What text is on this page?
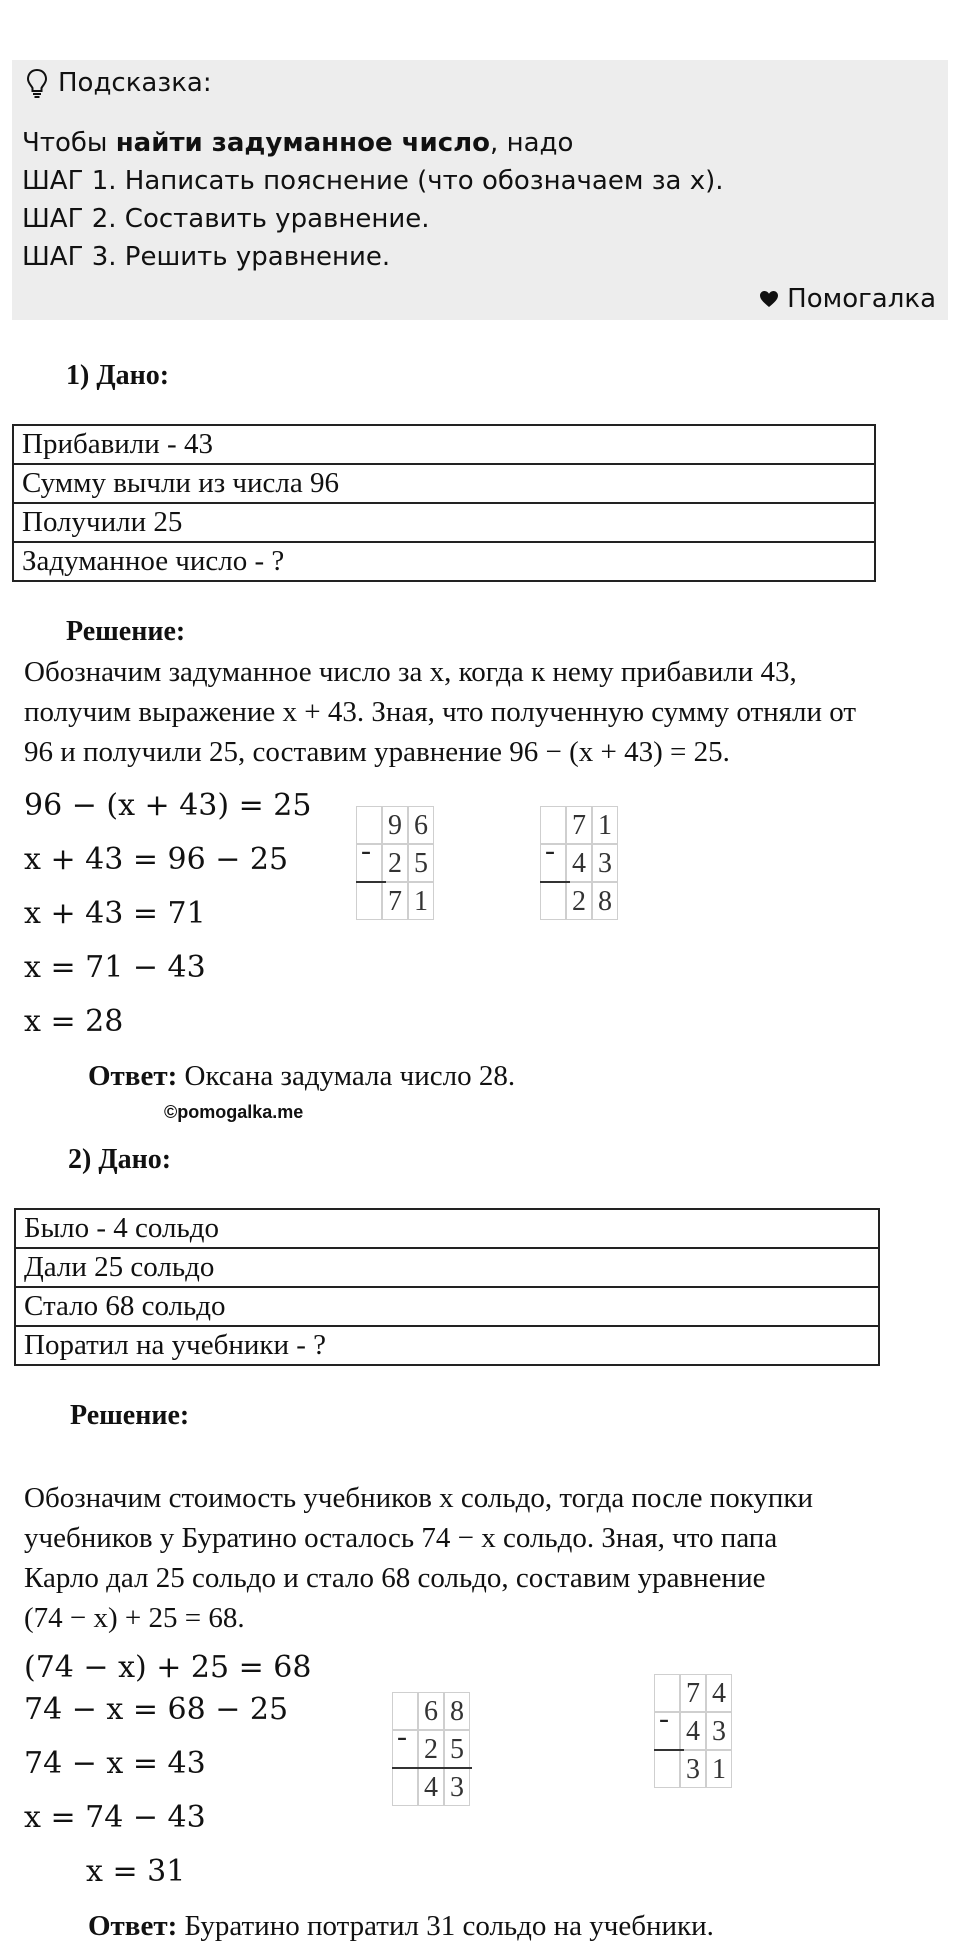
Подсказка:
Чтобы найти задуманное число, надо
ШАГ 1. Написать пояснение (что обозначаем за x).
ШАГ 2. Составить уравнение.
ШАГ 3. Решить уравнение.
Помогалка
1) Дано:
Прибавили - 43
Сумму вычли из числа 96
Получили 25
Задуманное число - ?
Решение:
Обозначим задуманное число за x, когда к нему прибавили 43,
получим выражение x + 43. Зная, что полученную сумму отняли от
96 и получили 25, составим уравнение 96 − (x + 43) = 25.
96 − (x + 43) = 25
x + 43 = 96 − 25
x + 43 = 71
x = 71 − 43
x = 28
9 6
2 5
7 1
-
7 1
4 3
2 8
-
Ответ: Оксана задумала число 28.
©pomogalka.me
2) Дано:
Было - 4 сольдо
Дали 25 сольдо
Стало 68 сольдо
Поратил на учебники - ?
Решение:
Обозначим стоимость учебников x сольдо, тогда после покупки
учебников у Буратино осталось 74 − x сольдо. Зная, что папа
Карло дал 25 сольдо и стало 68 сольдо, составим уравнение
(74 − x) + 25 = 68.
(74 − x) + 25 = 68
74 − x = 68 − 25
74 − x = 43
x = 74 − 43
x = 31
6 8
2 5
4 3
-
7 4
4 3
3 1
-
Ответ: Буратино потратил 31 сольдо на учебники.
